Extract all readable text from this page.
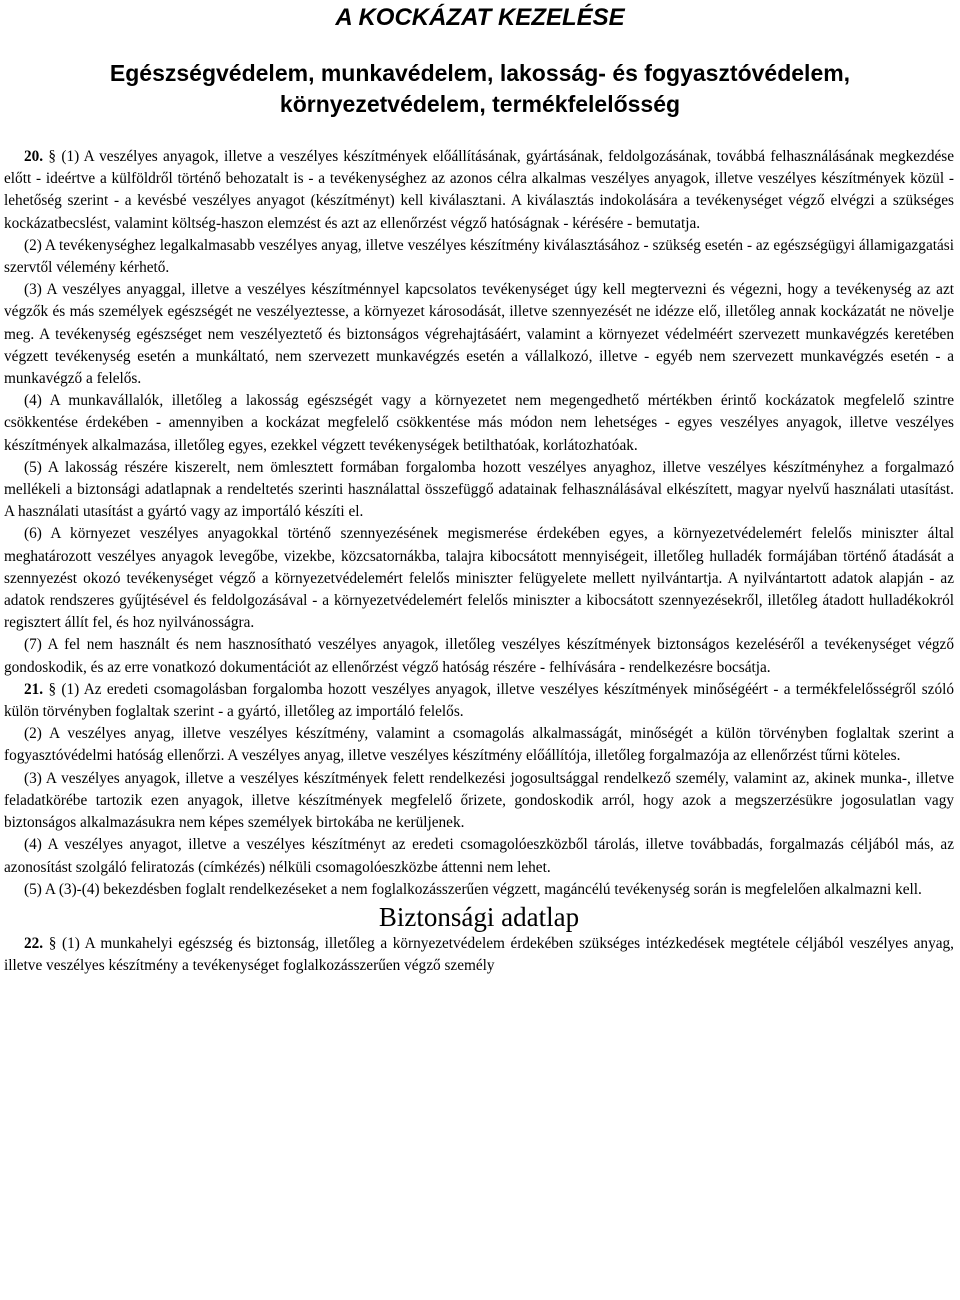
A KOCKÁZAT KEZELÉSE
Egészségvédelem, munkavédelem, lakosság- és fogyasztóvédelem,
környezetvédelem, termékfelelősség

20. § (1) A veszélyes anyagok, illetve a veszélyes készítmények előállításának, gyártásának, feldolgozásának, továbbá felhasználásának megkezdése előtt - ideértve a külföldről történő behozatalt is - a tevékenységhez az azonos célra alkalmas veszélyes anyagok, illetve veszélyes készítmények közül - lehetőség szerint - a kevésbé veszélyes anyagot (készítményt) kell kiválasztani. A kiválasztás indokolására a tevékenységet végző elvégzi a szükséges kockázatbecslést, valamint költség-haszon elemzést és azt az ellenőrzést végző hatóságnak - kérésére - bemutatja.

(2) A tevékenységhez legalkalmasabb veszélyes anyag, illetve veszélyes készítmény kiválasztásához - szükség esetén - az egészségügyi államigazgatási szervtől vélemény kérhető.

(3) A veszélyes anyaggal, illetve a veszélyes készítménnyel kapcsolatos tevékenységet úgy kell megtervezni és végezni, hogy a tevékenység az azt végzők és más személyek egészségét ne veszélyeztesse, a környezet károsodását, illetve szennyezését ne idézze elő, illetőleg annak kockázatát ne növelje meg. A tevékenység egészséget nem veszélyeztető és biztonságos végrehajtásáért, valamint a környezet védelméért szervezett munkavégzés keretében végzett tevékenység esetén a munkáltató, nem szervezett munkavégzés esetén a vállalkozó, illetve - egyéb nem szervezett munkavégzés esetén - a munkavégző a felelős.

(4) A munkavállalók, illetőleg a lakosság egészségét vagy a környezetet nem megengedhető mértékben érintő kockázatok megfelelő szintre csökkentése érdekében - amennyiben a kockázat megfelelő csökkentése más módon nem lehetséges - egyes veszélyes anyagok, illetve veszélyes készítmények alkalmazása, illetőleg egyes, ezekkel végzett tevékenységek betilthatóak, korlátozhatóak.

(5) A lakosság részére kiszerelt, nem ömlesztett formában forgalomba hozott veszélyes anyaghoz, illetve veszélyes készítményhez a forgalmazó mellékeli a biztonsági adatlapnak a rendeltetés szerinti használattal összefüggő adatainak felhasználásával elkészített, magyar nyelvű használati utasítást. A használati utasítást a gyártó vagy az importáló készíti el.

(6) A környezet veszélyes anyagokkal történő szennyezésének megismerése érdekében egyes, a környezetvédelemért felelős miniszter által meghatározott veszélyes anyagok levegőbe, vizekbe, közcsatornákba, talajra kibocsátott mennyiségeit, illetőleg hulladék formájában történő átadását a szennyezést okozó tevékenységet végző a környezetvédelemért felelős miniszter felügyelete mellett nyilvántartja. A nyilvántartott adatok alapján - az adatok rendszeres gyűjtésével és feldolgozásával - a környezetvédelemért felelős miniszter a kibocsátott szennyezésekről, illetőleg átadott hulladékokról regisztert állít fel, és hoz nyilvánosságra.

(7) A fel nem használt és nem hasznosítható veszélyes anyagok, illetőleg veszélyes készítmények biztonságos kezeléséről a tevékenységet végző gondoskodik, és az erre vonatkozó dokumentációt az ellenőrzést végző hatóság részére - felhívására - rendelkezésre bocsátja.

21. § (1) Az eredeti csomagolásban forgalomba hozott veszélyes anyagok, illetve veszélyes készítmények minőségéért - a termékfelelősségről szóló külön törvényben foglaltak szerint - a gyártó, illetőleg az importáló felelős.

(2) A veszélyes anyag, illetve veszélyes készítmény, valamint a csomagolás alkalmasságát, minőségét a külön törvényben foglaltak szerint a fogyasztóvédelmi hatóság ellenőrzi. A veszélyes anyag, illetve veszélyes készítmény előállítója, illetőleg forgalmazója az ellenőrzést tűrni köteles.

(3) A veszélyes anyagok, illetve a veszélyes készítmények felett rendelkezési jogosultsággal rendelkező személy, valamint az, akinek munka-, illetve feladatkörébe tartozik ezen anyagok, illetve készítmények megfelelő őrizete, gondoskodik arról, hogy azok a megszerzésükre jogosulatlan vagy biztonságos alkalmazásukra nem képes személyek birtokába ne kerüljenek.

(4) A veszélyes anyagot, illetve a veszélyes készítményt az eredeti csomagolóeszközből tárolás, illetve továbbadás, forgalmazás céljából más, az azonosítást szolgáló feliratozás (címkézés) nélküli csomagolóeszközbe áttenni nem lehet.

(5) A (3)-(4) bekezdésben foglalt rendelkezéseket a nem foglalkozásszerűen végzett, magáncélú tevékenység során is megfelelően alkalmazni kell.

Biztonsági adatlap

22. § (1) A munkahelyi egészség és biztonság, illetőleg a környezetvédelem érdekében szükséges intézkedések megtétele céljából veszélyes anyag, illetve veszélyes készítmény a tevékenységet foglalkozásszerűen végző személy
